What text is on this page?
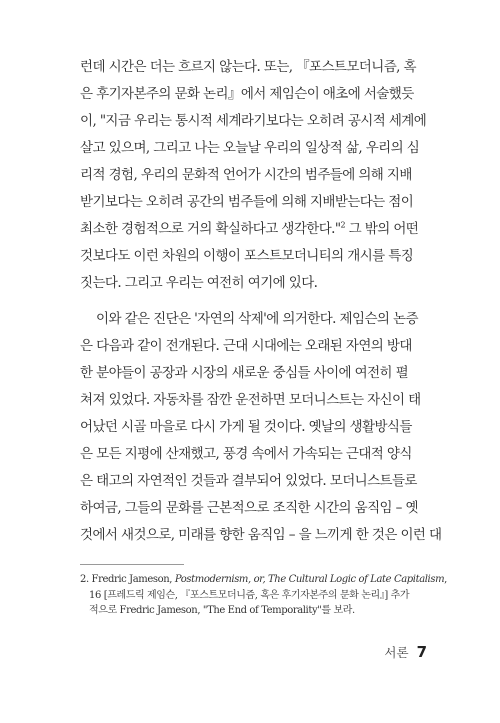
런데 시간은 더는 흐르지 않는다. 또는, 『포스트모더니즘, 혹
은 후기자본주의 문화 논리』에서 제임슨이 애초에 서술했듯
이, "지금 우리는 통시적 세계라기보다는 오히려 공시적 세계에
살고 있으며, 그리고 나는 오늘날 우리의 일상적 삶, 우리의 심
리적 경험, 우리의 문화적 언어가 시간의 범주들에 의해 지배
받기보다는 오히려 공간의 범주들에 의해 지배받는다는 점이
최소한 경험적으로 거의 확실하다고 생각한다."$^2$ 그 밖의 어떤
것보다도 이런 차원의 이행이 포스트모더니티의 개시를 특징
짓는다. 그리고 우리는 여전히 여기에 있다.
이와 같은 진단은 '자연의 삭제'에 의거한다. 제임슨의 논증
은 다음과 같이 전개된다. 근대 시대에는 오래된 자연의 방대
한 분야들이 공장과 시장의 새로운 중심들 사이에 여전히 펼
쳐져 있었다. 자동차를 잠깐 운전하면 모더니스트는 자신이 태
어났던 시골 마을로 다시 가게 될 것이다. 옛날의 생활방식들
은 모든 지평에 산재했고, 풍경 속에서 가속되는 근대적 양식
은 태고의 자연적인 것들과 결부되어 있었다. 모더니스트들로
하여금, 그들의 문화를 근본적으로 조직한 시간의 움직임 – 옛
것에서 새것으로, 미래를 향한 움직임 – 을 느끼게 한 것은 이런 대
2. Fredric Jameson, Postmodernism, or, The Cultural Logic of Late Capitalism,
16 [프레드릭 제임슨, 『포스트모더니즘, 혹은 후기자본주의 문화 논리』] 추가
적으로 Fredric Jameson, "The End of Temporality"를 보라.
서론 7
